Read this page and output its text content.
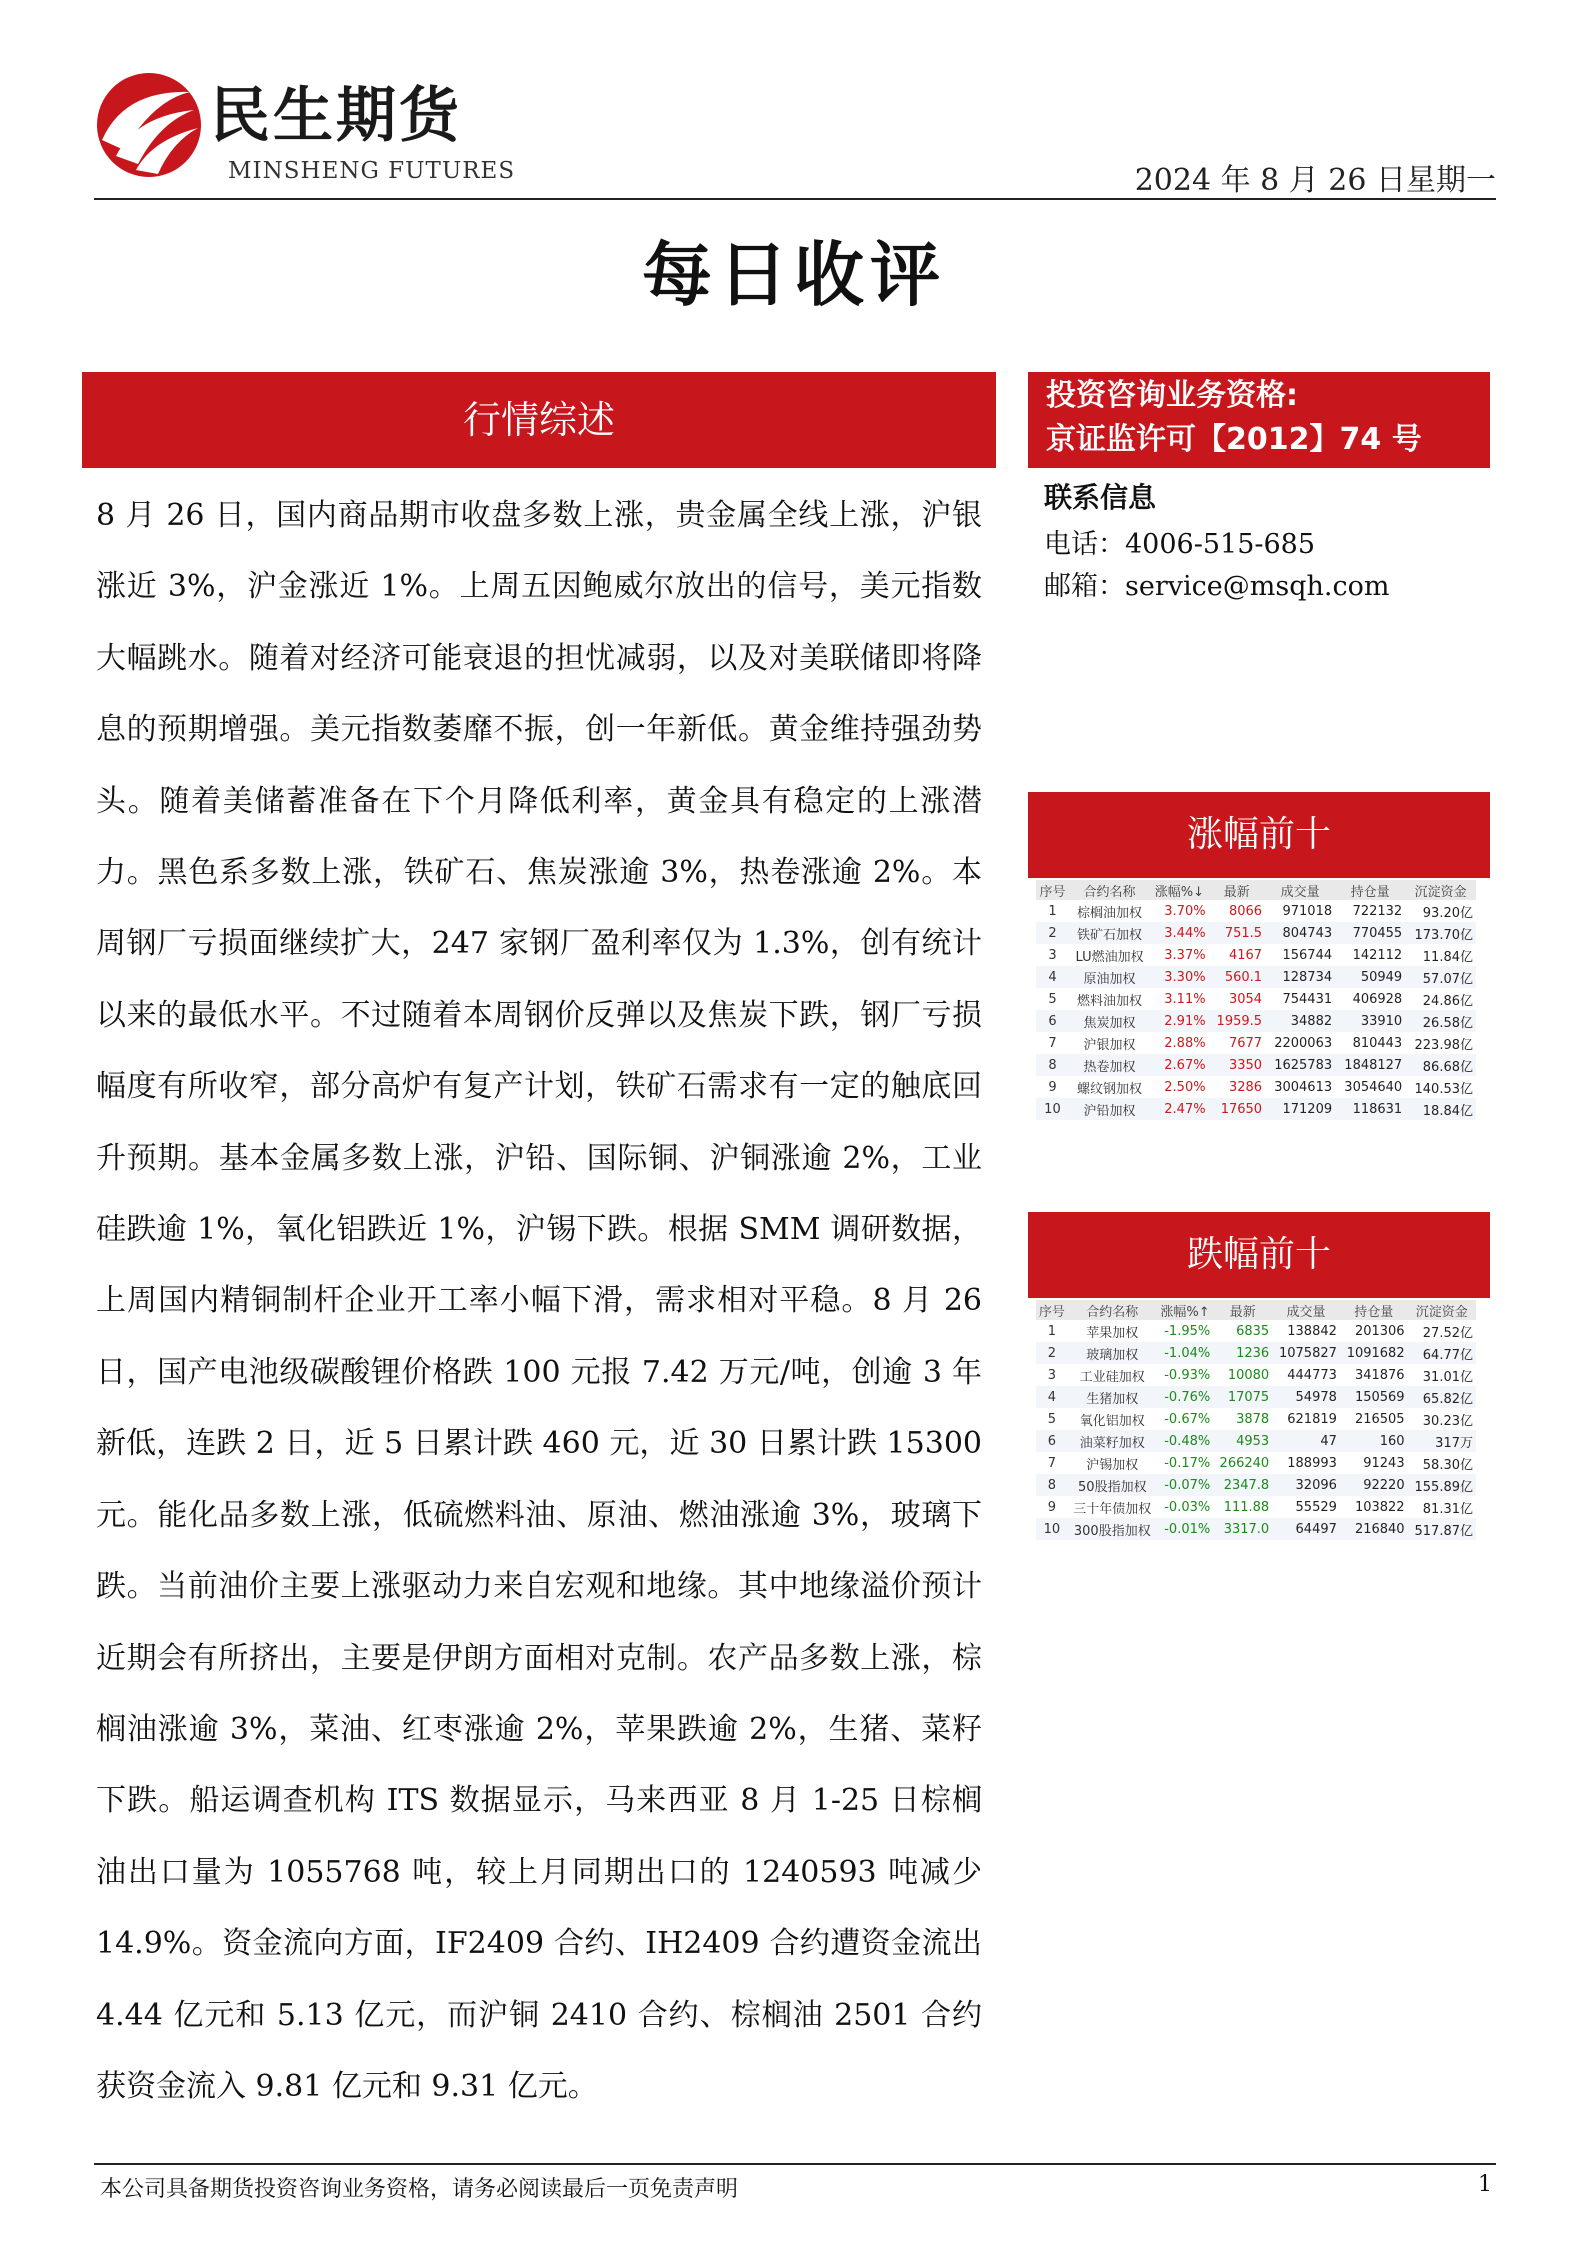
民生期货
MINSHENG FUTURES	2024 年 8 月 26 日星期一
每日收评
行情综述
8 月 26 日，国内商品期市收盘多数上涨，贵金属全线上涨，沪银涨近 3%，沪金涨近 1%。上周五因鲍威尔放出的信号，美元指数大幅跳水。随着对经济可能衰退的担忧减弱，以及对美联储即将降息的预期增强。美元指数萎靡不振，创一年新低。黄金维持强劲势头。随着美储蓄准备在下个月降低利率，黄金具有稳定的上涨潜力。黑色系多数上涨，铁矿石、焦炭涨逾 3%，热卷涨逾 2%。本周钢厂亏损面继续扩大，247 家钢厂盈利率仅为 1.3%，创有统计以来的最低水平。不过随着本周钢价反弹以及焦炭下跌，钢厂亏损幅度有所收窄，部分高炉有复产计划，铁矿石需求有一定的触底回升预期。基本金属多数上涨，沪铅、国际铜、沪铜涨逾 2%，工业硅跌逾 1%，氧化铝跌近 1%，沪锡下跌。根据 SMM 调研数据，上周国内精铜制杆企业开工率小幅下滑，需求相对平稳。8 月 26 日，国产电池级碳酸锂价格跌 100 元报 7.42 万元/吨，创逾 3 年新低，连跌 2 日，近 5 日累计跌 460 元，近 30 日累计跌 15300 元。能化品多数上涨，低硫燃料油、原油、燃油涨逾 3%，玻璃下跌。当前油价主要上涨驱动力来自宏观和地缘。其中地缘溢价预计近期会有所挤出，主要是伊朗方面相对克制。农产品多数上涨，棕榈油涨逾 3%，菜油、红枣涨逾 2%，苹果跌逾 2%，生猪、菜籽下跌。船运调查机构 ITS 数据显示，马来西亚 8 月 1-25 日棕榈油出口量为 1055768 吨，较上月同期出口的 1240593 吨减少 14.9%。资金流向方面，IF2409 合约、IH2409 合约遭资金流出 4.44 亿元和 5.13 亿元，而沪铜 2410 合约、棕榈油 2501 合约获资金流入 9.81 亿元和 9.31 亿元。
投资咨询业务资格:
京证监许可【2012】74 号
联系信息
电话：4006-515-685
邮箱：service@msqh.com
涨幅前十
序号	合约名称	涨幅%↓	最新	成交量	持仓量	沉淀资金
1	棕榈油加权	3.70%	8066	971018	722132	93.20亿
2	铁矿石加权	3.44%	751.5	804743	770455	173.70亿
3	LU燃油加权	3.37%	4167	156744	142112	11.84亿
4	原油加权	3.30%	560.1	128734	50949	57.07亿
5	燃料油加权	3.11%	3054	754431	406928	24.86亿
6	焦炭加权	2.91%	1959.5	34882	33910	26.58亿
7	沪银加权	2.88%	7677	2200063	810443	223.98亿
8	热卷加权	2.67%	3350	1625783	1848127	86.68亿
9	螺纹钢加权	2.50%	3286	3004613	3054640	140.53亿
10	沪铅加权	2.47%	17650	171209	118631	18.84亿
跌幅前十
序号	合约名称	涨幅%↑	最新	成交量	持仓量	沉淀资金
1	苹果加权	-1.95%	6835	138842	201306	27.52亿
2	玻璃加权	-1.04%	1236	1075827	1091682	64.77亿
3	工业硅加权	-0.93%	10080	444773	341876	31.01亿
4	生猪加权	-0.76%	17075	54978	150569	65.82亿
5	氧化铝加权	-0.67%	3878	621819	216505	30.23亿
6	油菜籽加权	-0.48%	4953	47	160	317万
7	沪锡加权	-0.17%	266240	188993	91243	58.30亿
8	50股指加权	-0.07%	2347.8	32096	92220	155.89亿
9	三十年债加权	-0.03%	111.88	55529	103822	81.31亿
10	300股指加权	-0.01%	3317.0	64497	216840	517.87亿
本公司具备期货投资咨询业务资格，请务必阅读最后一页免责声明	1
